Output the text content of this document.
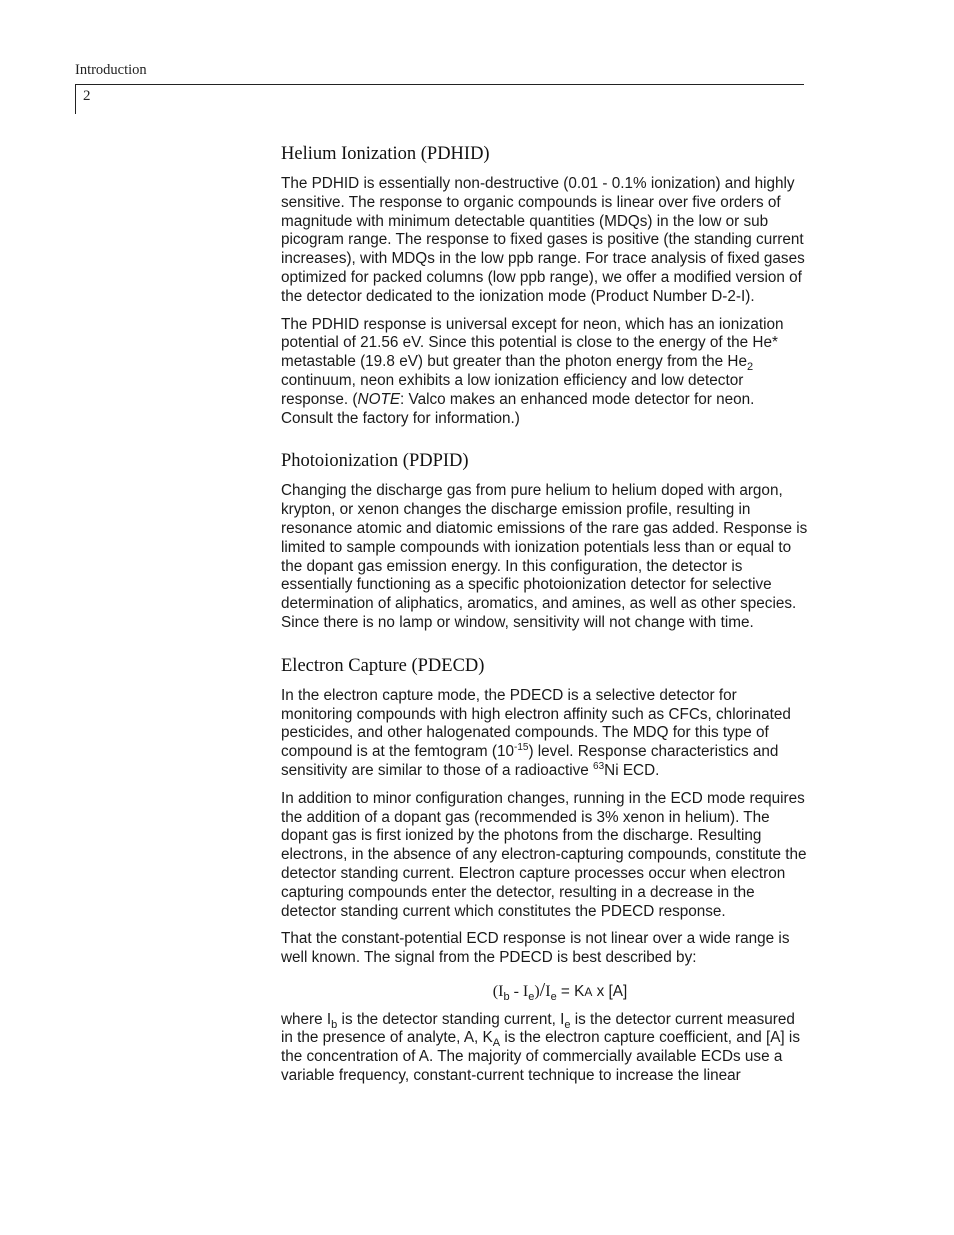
Introduction
2
Helium Ionization (PDHID)

The PDHID is essentially non-destructive (0.01 - 0.1% ionization) and highly sensitive. The response to organic compounds is linear over five orders of magnitude with minimum detectable quantities (MDQs) in the low or sub picogram range. The response to fixed gases is positive (the standing current increases), with MDQs in the low ppb range. For trace analysis of fixed gases optimized for packed columns (low ppb range), we offer a modified version of the detector dedicated to the ionization mode (Product Number D-2-I).

The PDHID response is universal except for neon, which has an ionization potential of 21.56 eV. Since this potential is close to the energy of the He* metastable (19.8 eV) but greater than the photon energy from the $He_2$ continuum, neon exhibits a low ionization efficiency and low detector response. (NOTE: Valco makes an enhanced mode detector for neon. Consult the factory for information.)

Photoionization (PDPID)

Changing the discharge gas from pure helium to helium doped with argon, krypton, or xenon changes the discharge emission profile, resulting in resonance atomic and diatomic emissions of the rare gas added. Response is limited to sample compounds with ionization potentials less than or equal to the dopant gas emission energy. In this configuration, the detector is essentially functioning as a specific photoionization detector for selective determination of aliphatics, aromatics, and amines, as well as other species. Since there is no lamp or window, sensitivity will not change with time.

Electron Capture (PDECD)

In the electron capture mode, the PDECD is a selective detector for monitoring compounds with high electron affinity such as CFCs, chlorinated pesticides, and other halogenated compounds. The MDQ for this type of compound is at the femtogram $(10^{-15})$ level. Response characteristics and sensitivity are similar to those of a radioactive $^{63}$Ni ECD.

In addition to minor configuration changes, running in the ECD mode requires the addition of a dopant gas (recommended is 3% xenon in helium). The dopant gas is first ionized by the photons from the discharge. Resulting electrons, in the absence of any electron-capturing compounds, constitute the detector standing current. Electron capture processes occur when electron capturing compounds enter the detector, resulting in a decrease in the detector standing current which constitutes the PDECD response.

That the constant-potential ECD response is not linear over a wide range is well known. The signal from the PDECD is best described by:

$(I_b - I_e)/I_e$ = KA x [A]

where $I_b$ is the detector standing current, $I_e$ is the detector current measured in the presence of analyte, A, $K_A$ is the electron capture coefficient, and [A] is the concentration of A. The majority of commercially available ECDs use a variable frequency, constant-current technique to increase the linear
